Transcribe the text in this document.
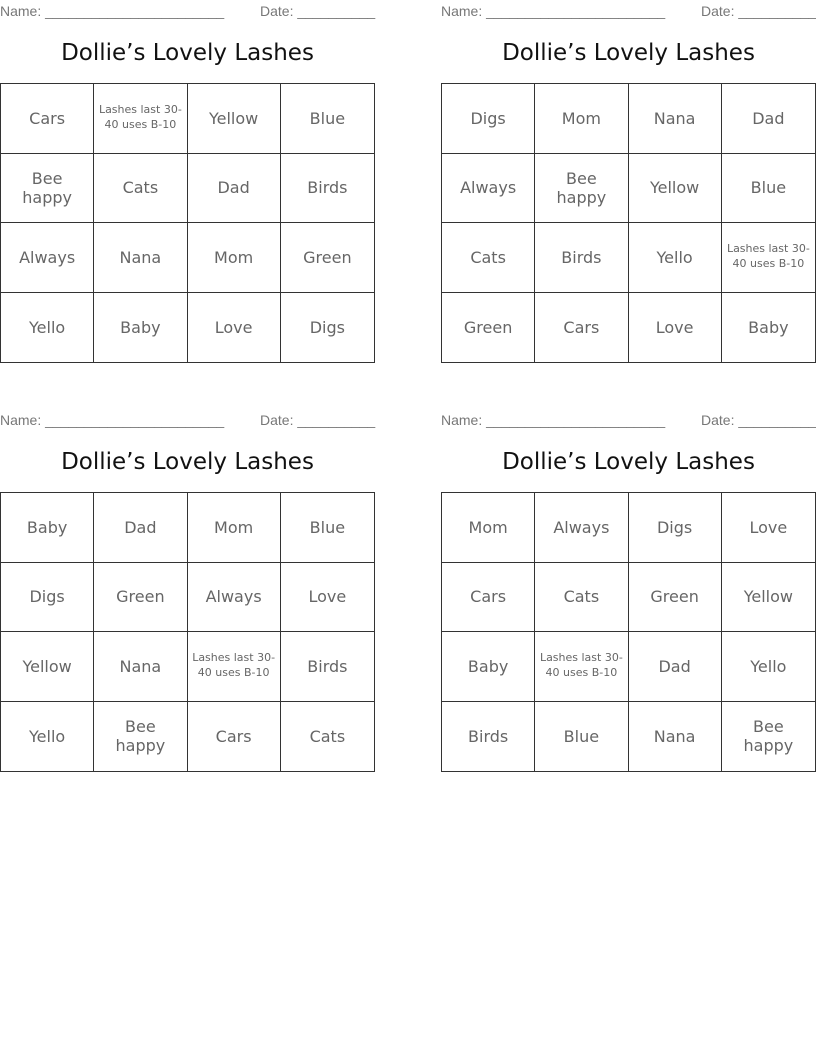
Name: _______________________	Date: __________
Dollie’s Lovely Lashes
Cars	Lashes last 30-40 uses B-10	Yellow	Blue
Bee happy	Cats	Dad	Birds
Always	Nana	Mom	Green
Yello	Baby	Love	Digs
Name: _______________________	Date: __________
Dollie’s Lovely Lashes
Digs	Mom	Nana	Dad
Always	Bee happy	Yellow	Blue
Cats	Birds	Yello	Lashes last 30-40 uses B-10
Green	Cars	Love	Baby
Name: _______________________	Date: __________
Dollie’s Lovely Lashes
Baby	Dad	Mom	Blue
Digs	Green	Always	Love
Yellow	Nana	Lashes last 30-40 uses B-10	Birds
Yello	Bee happy	Cars	Cats
Name: _______________________	Date: __________
Dollie’s Lovely Lashes
Mom	Always	Digs	Love
Cars	Cats	Green	Yellow
Baby	Lashes last 30-40 uses B-10	Dad	Yello
Birds	Blue	Nana	Bee happy
